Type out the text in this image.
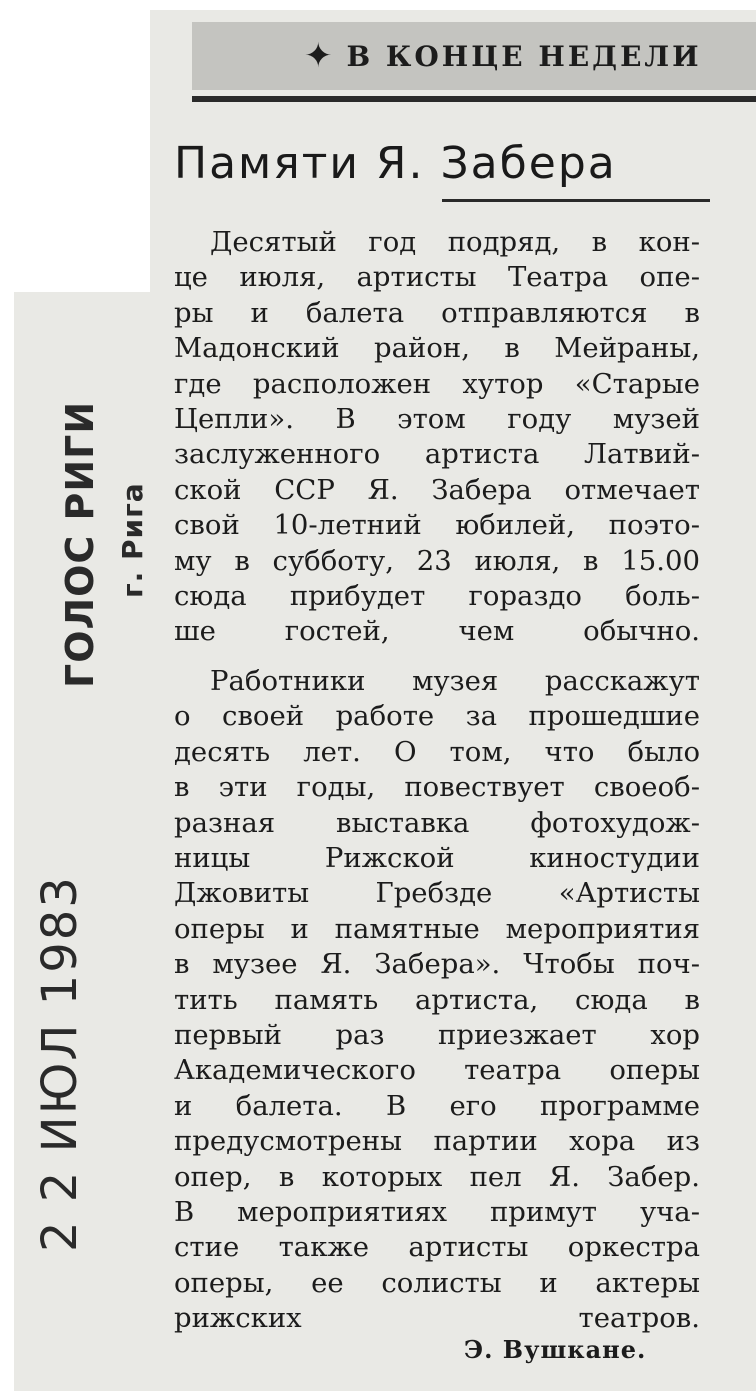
✦ В КОНЦЕ НЕДЕЛИ
Памяти Я. Забера

Десятый год подряд, в кон-
це июля, артисты Театра опе-
ры и балета отправляются в
Мадонский район, в Мейраны,
где расположен хутор «Старые
Цепли». В этом году музей
заслуженного артиста Латвий-
ской ССР Я. Забера отмечает
свой 10-летний юбилей, поэто-
му в субботу, 23 июля, в 15.00
сюда прибудет гораздо боль-
ше гостей, чем обычно.

Работники музея расскажут
о своей работе за прошедшие
десять лет. О том, что было
в эти годы, повествует своеоб-
разная выставка фотохудож-
ницы Рижской киностудии
Джовиты Гребзде «Артисты
оперы и памятные мероприятия
в музее Я. Забера». Чтобы поч-
тить память артиста, сюда в
первый раз приезжает хор
Академического театра оперы
и балета. В его программе
предусмотрены партии хора из
опер, в которых пел Я. Забер.
В мероприятиях примут уча-
стие также артисты оркестра
оперы, ее солисты и актеры
рижских театров.

Э. Вушкане.
2 2 ИЮЛ 1983
ГОЛОС РИГИ г. Рига
